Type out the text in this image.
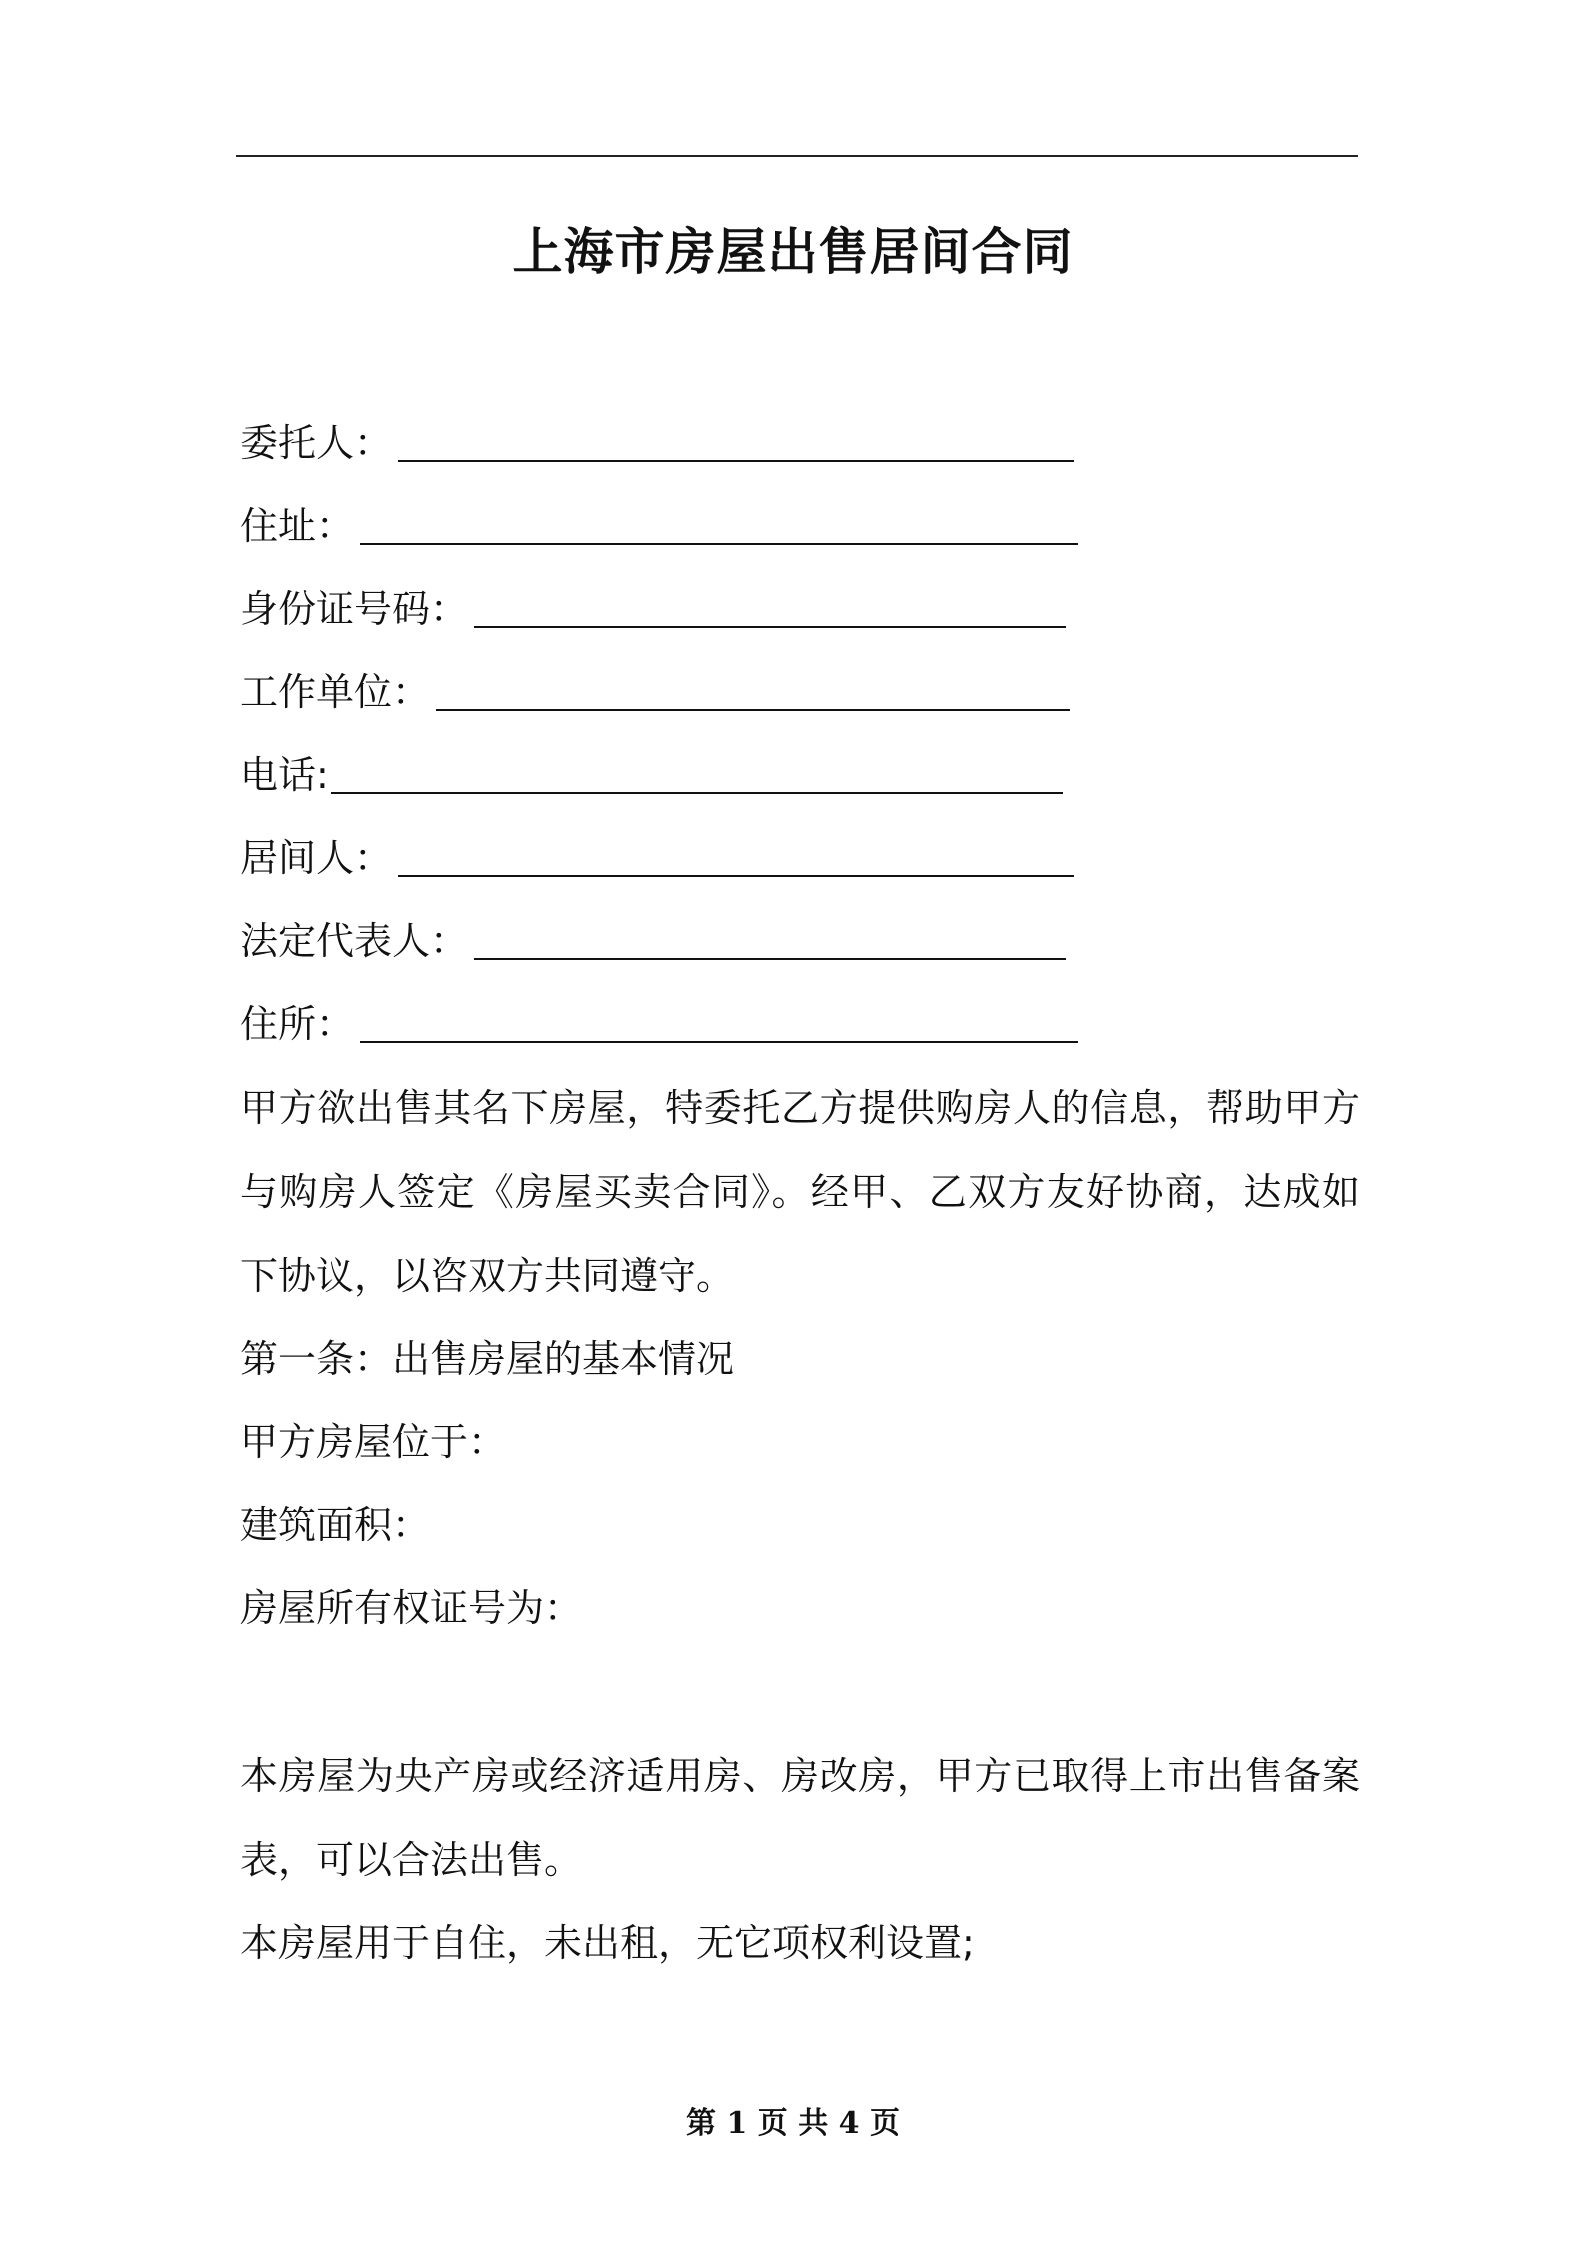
上海市房屋出售居间合同
委托人：
住址：
身份证号码：
工作单位：
电话:
居间人：
法定代表人：
住所：
甲方欲出售其名下房屋，特委托乙方提供购房人的信息，帮助甲方与购房人签定《房屋买卖合同》。经甲、乙双方友好协商，达成如下协议，以咨双方共同遵守。
第一条：出售房屋的基本情况
甲方房屋位于：
建筑面积：
房屋所有权证号为：
本房屋为央产房或经济适用房、房改房，甲方已取得上市出售备案表，可以合法出售。
本房屋用于自住，未出租，无它项权利设置;
第 1 页 共 4 页
